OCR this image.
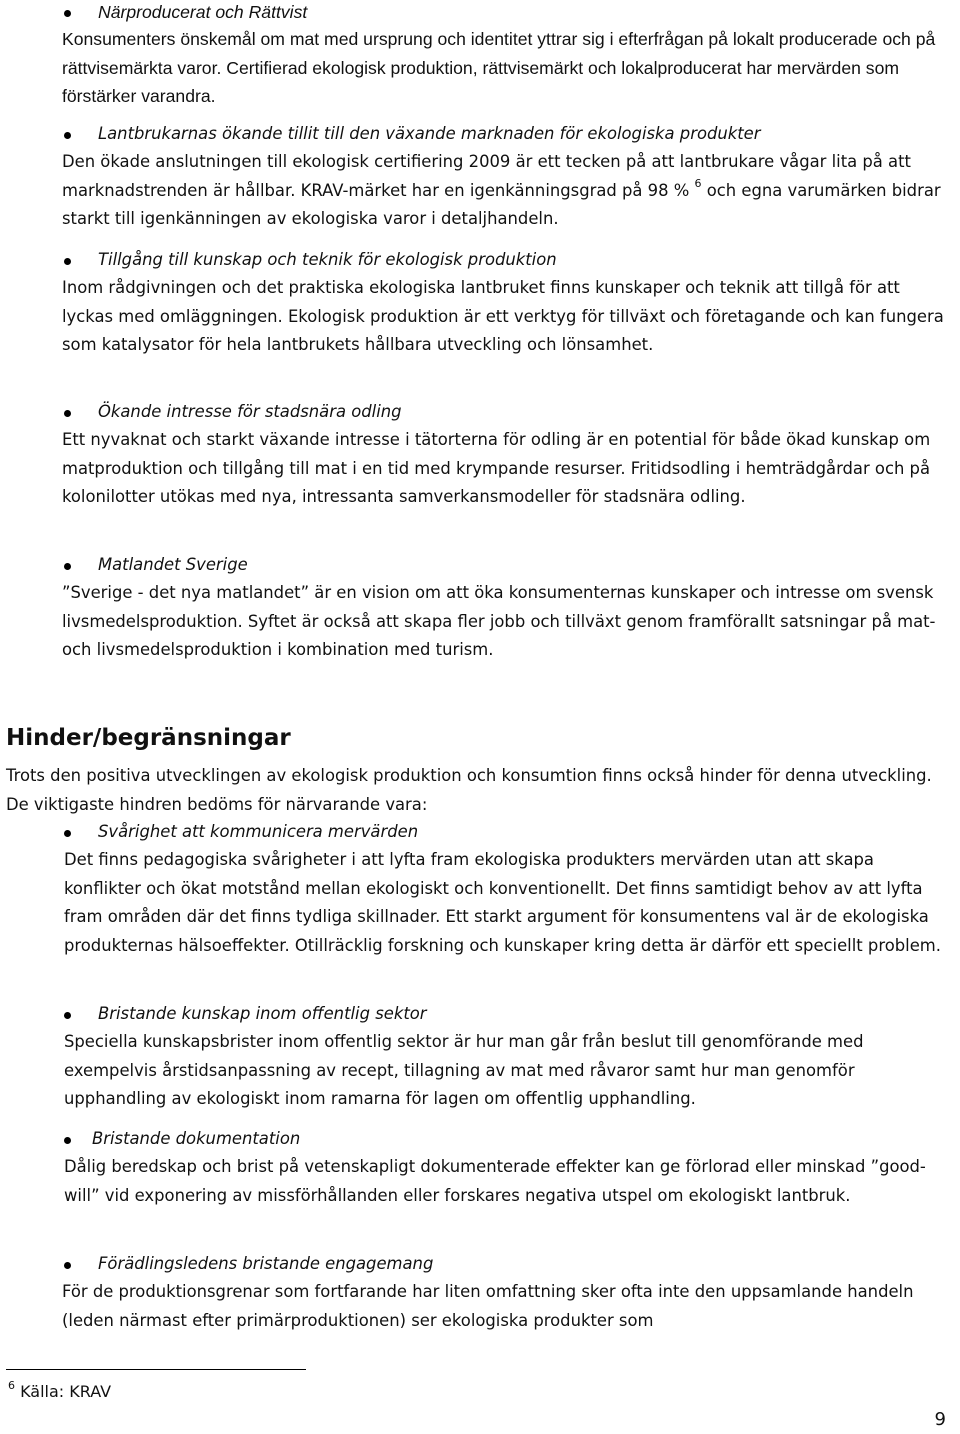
Närproducerat och Rättvist
Konsumenters önskemål om mat med ursprung och identitet yttrar sig i efterfrågan på lokalt producerade och på rättvisemärkta varor. Certifierad ekologisk produktion, rättvisemärkt och lokalproducerat har mervärden som förstärker varandra.
Lantbrukarnas ökande tillit till den växande marknaden för ekologiska produkter
Den ökade anslutningen till ekologisk certifiering 2009 är ett tecken på att lantbrukare vågar lita på att marknadstrenden är hållbar. KRAV-märket har en igenkänningsgrad på 98 % $^6$ och egna varumärken bidrar starkt till igenkänningen av ekologiska varor i detaljhandeln.
Tillgång till kunskap och teknik för ekologisk produktion
Inom rådgivningen och det praktiska ekologiska lantbruket finns kunskaper och teknik att tillgå för att lyckas med omläggningen. Ekologisk produktion är ett verktyg för tillväxt och företagande och kan fungera som katalysator för hela lantbrukets hållbara utveckling och lönsamhet.
Ökande intresse för stadsnära odling
Ett nyvaknat och starkt växande intresse i tätorterna för odling är en potential för både ökad kunskap om matproduktion och tillgång till mat i en tid med krympande resurser. Fritidsodling i hemträdgårdar och på kolonilotter utökas med nya, intressanta samverkansmodeller för stadsnära odling.
Matlandet Sverige
”Sverige - det nya matlandet” är en vision om att öka konsumenternas kunskaper och intresse om svensk livsmedelsproduktion. Syftet är också att skapa fler jobb och tillväxt genom framförallt satsningar på mat- och livsmedelsproduktion i kombination med turism.
Hinder/begränsningar
Trots den positiva utvecklingen av ekologisk produktion och konsumtion finns också hinder för denna utveckling. De viktigaste hindren bedöms för närvarande vara:
Svårighet att kommunicera mervärden
Det finns pedagogiska svårigheter i att lyfta fram ekologiska produkters mervärden utan att skapa konflikter och ökat motstånd mellan ekologiskt och konventionellt. Det finns samtidigt behov av att lyfta fram områden där det finns tydliga skillnader. Ett starkt argument för konsumentens val är de ekologiska produkternas hälsoeffekter. Otillräcklig forskning och kunskaper kring detta är därför ett speciellt problem.
Bristande kunskap inom offentlig sektor
Speciella kunskapsbrister inom offentlig sektor är hur man går från beslut till genomförande med exempelvis årstidsanpassning av recept, tillagning av mat med råvaror samt hur man genomför upphandling av ekologiskt inom ramarna för lagen om offentlig upphandling.
Bristande dokumentation
Dålig beredskap och brist på vetenskapligt dokumenterade effekter kan ge förlorad eller minskad ”good-will” vid exponering av missförhållanden eller forskares negativa utspel om ekologiskt lantbruk.
Förädlingsledens bristande engagemang
För de produktionsgrenar som fortfarande har liten omfattning sker ofta inte den uppsamlande handeln (leden närmast efter primärproduktionen) ser ekologiska produkter som
$^6$ Källa: KRAV
9
